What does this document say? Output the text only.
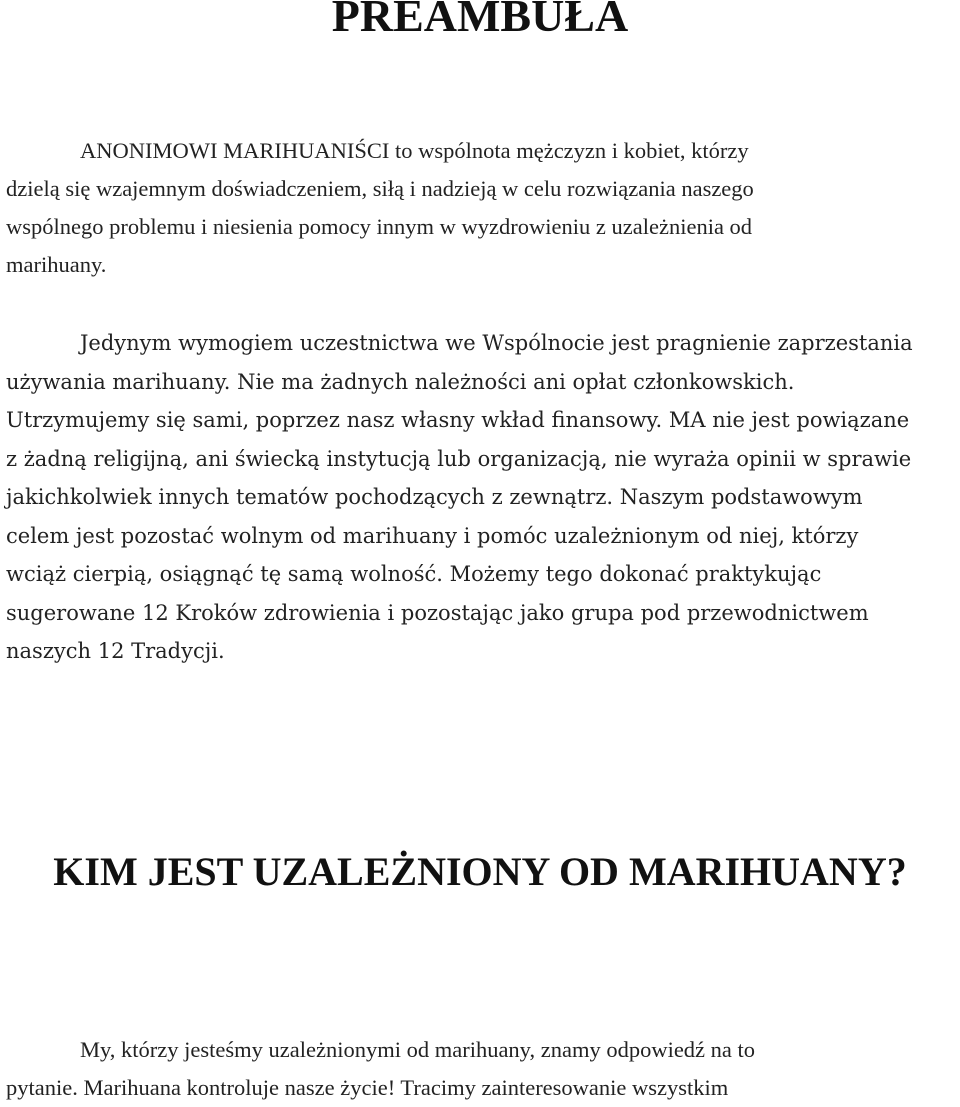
PREAMBUŁA

ANONIMOWI MARIHUANIŚCI to wspólnota mężczyzn i kobiet, którzy
dzielą się wzajemnym doświadczeniem, siłą i nadzieją w celu rozwiązania naszego
wspólnego problemu i niesienia pomocy innym w wyzdrowieniu z uzależnienia od
marihuany.

Jedynym wymogiem uczestnictwa we Wspólnocie jest pragnienie zaprzestania
używania marihuany. Nie ma żadnych należności ani opłat członkowskich.
Utrzymujemy się sami, poprzez nasz własny wkład finansowy. MA nie jest powiązane
z żadną religijną, ani świecką instytucją lub organizacją, nie wyraża opinii w sprawie
jakichkolwiek innych tematów pochodzących z zewnątrz. Naszym podstawowym
celem jest pozostać wolnym od marihuany i pomóc uzależnionym od niej, którzy
wciąż cierpią, osiągnąć tę samą wolność. Możemy tego dokonać praktykując
sugerowane 12 Kroków zdrowienia i pozostając jako grupa pod przewodnictwem
naszych 12 Tradycji.

KIM JEST UZALEŻNIONY OD MARIHUANY?

My, którzy jesteśmy uzależnionymi od marihuany, znamy odpowiedź na to
pytanie. Marihuana kontroluje nasze życie! Tracimy zainteresowanie wszystkim
